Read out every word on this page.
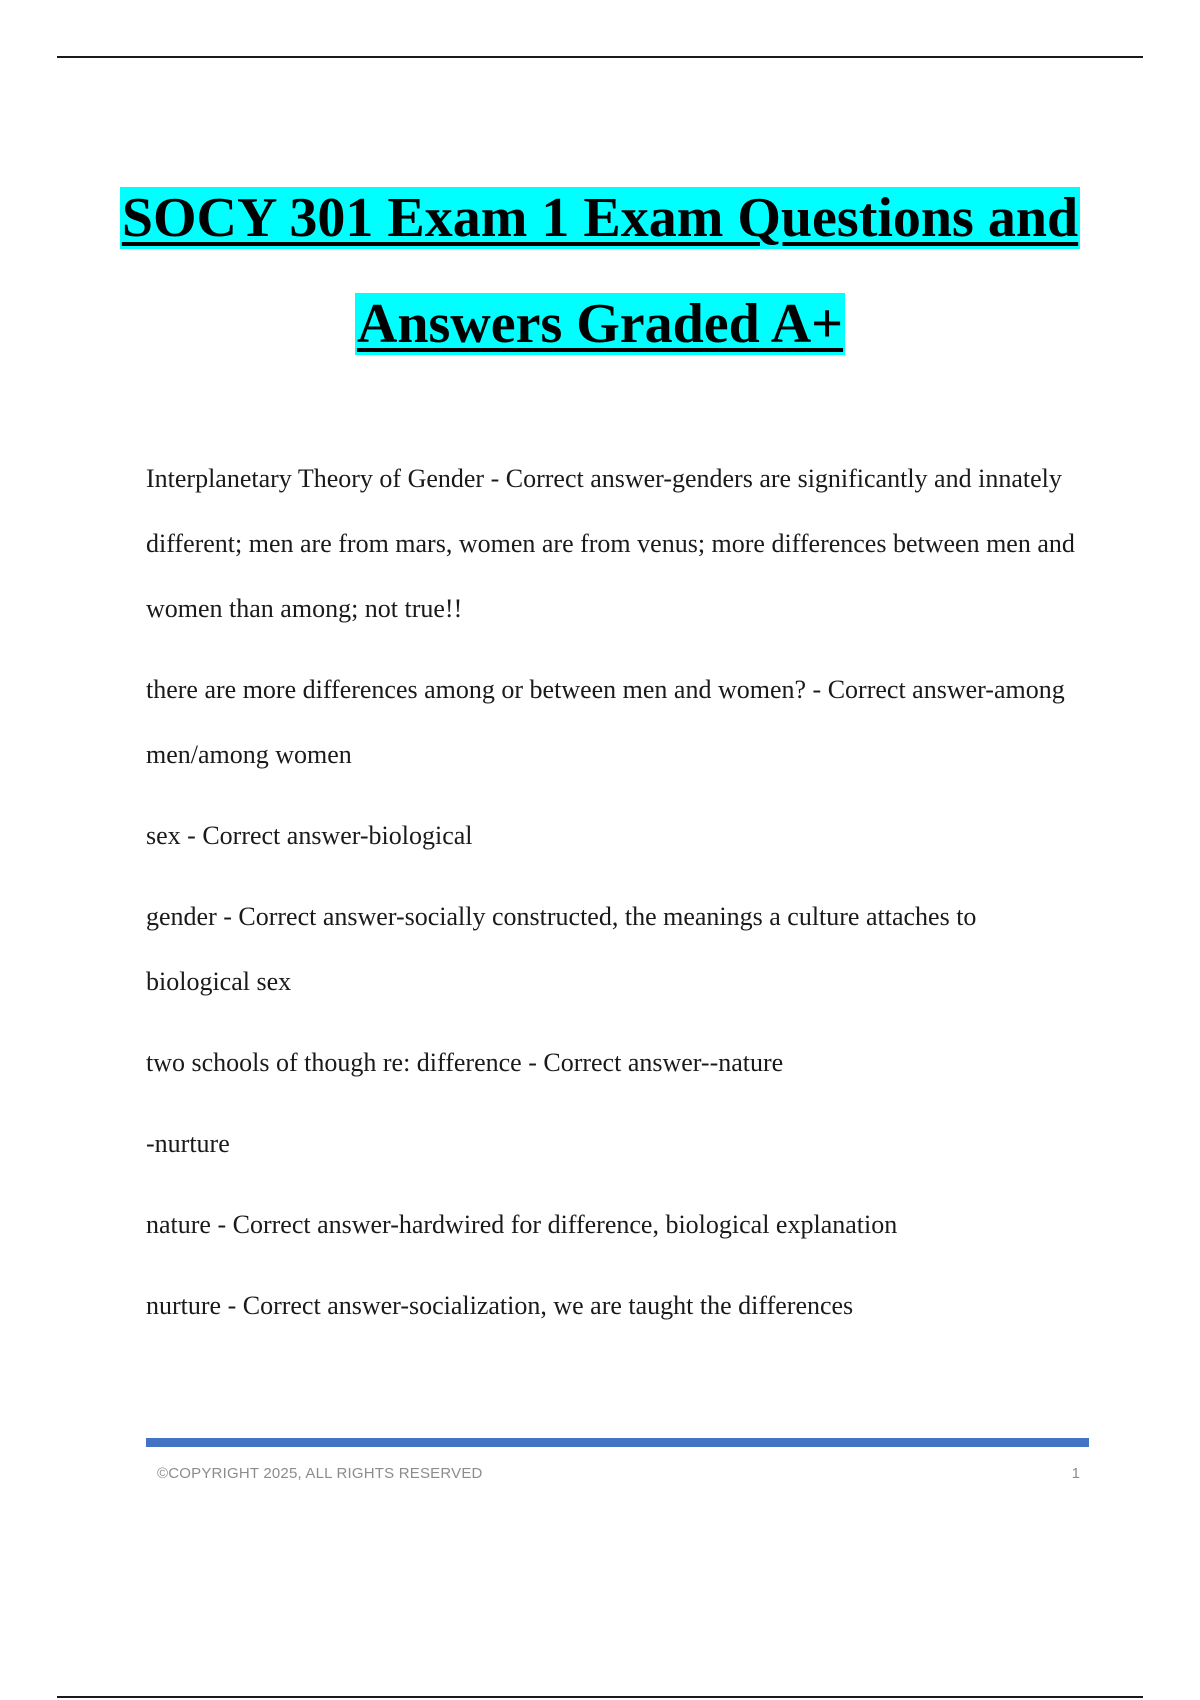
SOCY 301 Exam 1 Exam Questions and
Answers Graded A+

Interplanetary Theory of Gender - Correct answer-genders are significantly and innately different; men are from mars, women are from venus; more differences between men and women than among; not true!!

there are more differences among or between men and women? - Correct answer-among men/among women

sex - Correct answer-biological

gender - Correct answer-socially constructed, the meanings a culture attaches to biological sex

two schools of though re: difference - Correct answer--nature

-nurture

nature - Correct answer-hardwired for difference, biological explanation

nurture - Correct answer-socialization, we are taught the differences

©COPYRIGHT 2025, ALL RIGHTS RESERVED	1
